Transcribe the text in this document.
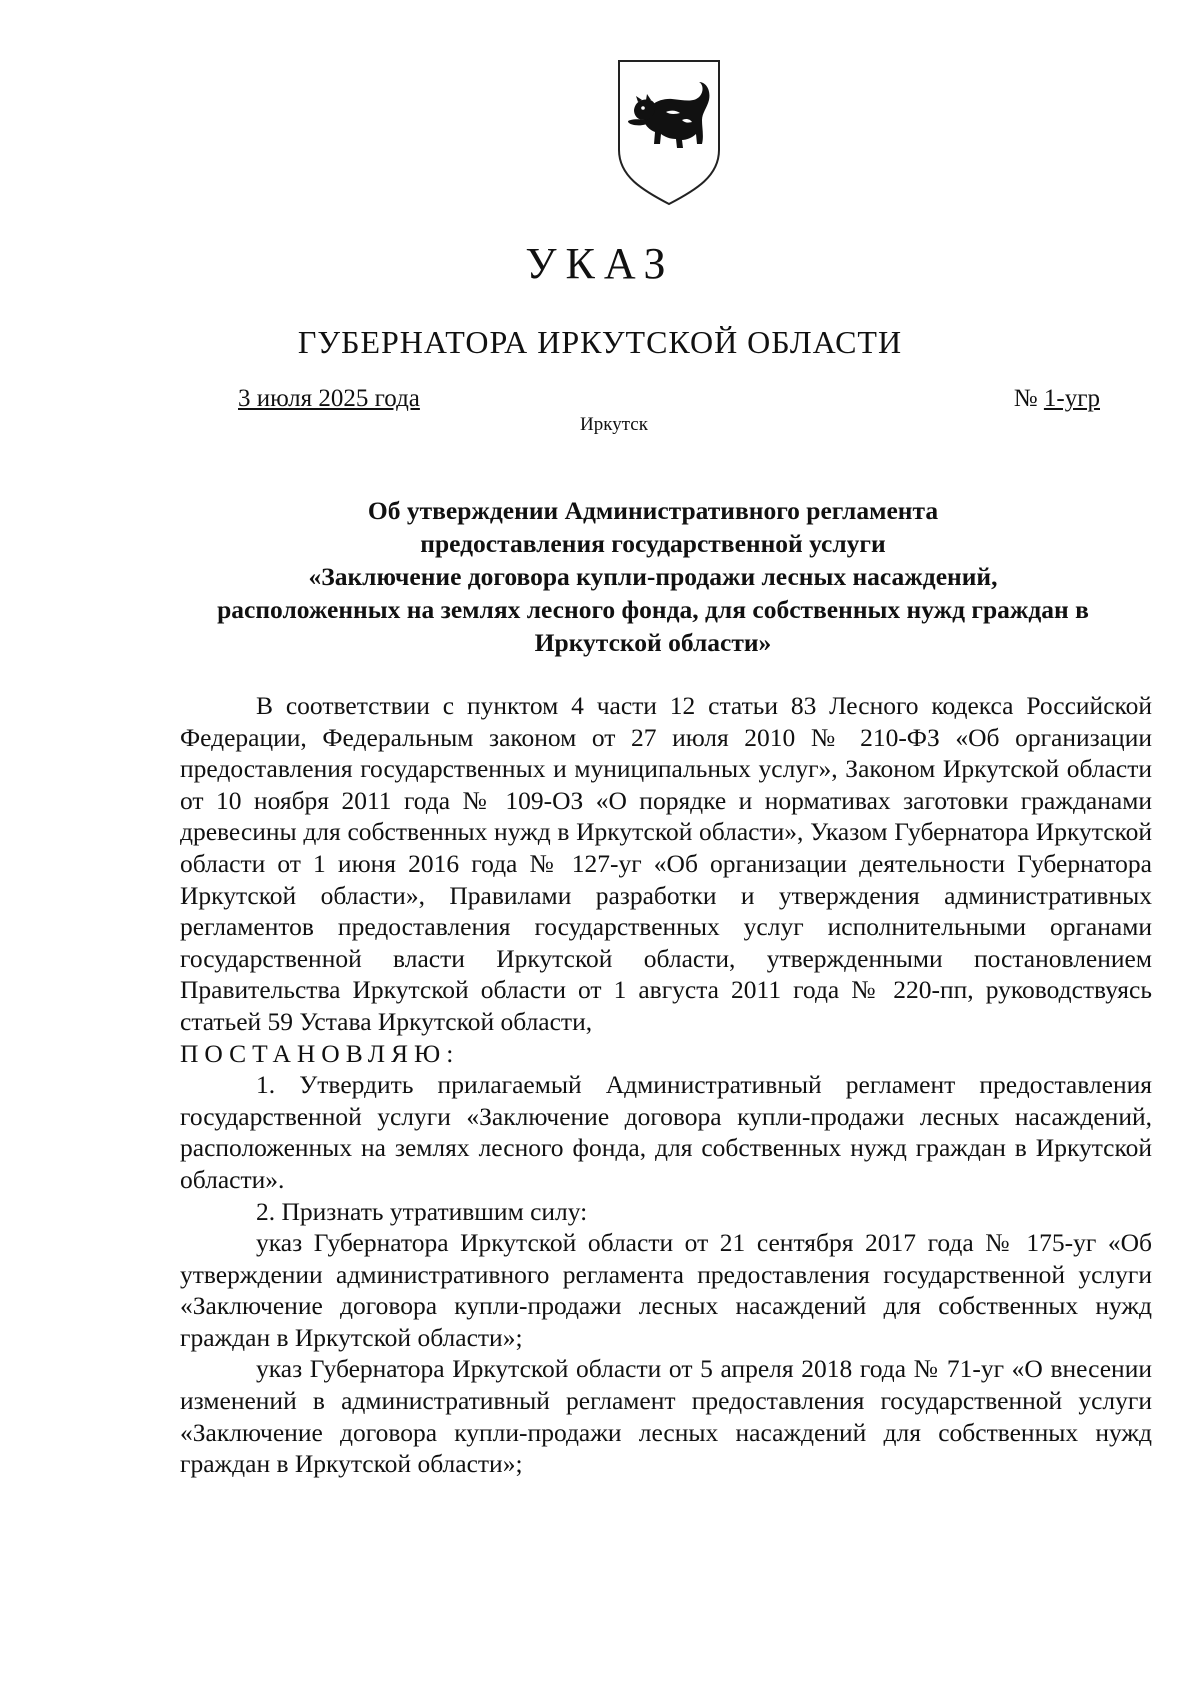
УКАЗ
ГУБЕРНАТОРА ИРКУТСКОЙ ОБЛАСТИ
3 июля 2025 года	№ 1-угр
Иркутск
Об утверждении Административного регламента
предоставления государственной услуги
«Заключение договора купли-продажи лесных насаждений,
расположенных на землях лесного фонда, для собственных нужд граждан в
Иркутской области»

В соответствии с пунктом 4 части 12 статьи 83 Лесного кодекса Российской Федерации, Федеральным законом от 27 июля 2010 № 210-ФЗ «Об организации предоставления государственных и муниципальных услуг», Законом Иркутской области от 10 ноября 2011 года № 109-ОЗ «О порядке и нормативах заготовки гражданами древесины для собственных нужд в Иркутской области», Указом Губернатора Иркутской области от 1 июня 2016 года № 127-уг «Об организации деятельности Губернатора Иркутской области», Правилами разработки и утверждения административных регламентов предоставления государственных услуг исполнительными органами государственной власти Иркутской области, утвержденными постановлением Правительства Иркутской области от 1 августа 2011 года № 220-пп, руководствуясь статьей 59 Устава Иркутской области,

ПОСТАНОВЛЯЮ:

1. Утвердить прилагаемый Административный регламент предоставления государственной услуги «Заключение договора купли-продажи лесных насаждений, расположенных на землях лесного фонда, для собственных нужд граждан в Иркутской области».

2. Признать утратившим силу:

указ Губернатора Иркутской области от 21 сентября 2017 года № 175-уг «Об утверждении административного регламента предоставления государственной услуги «Заключение договора купли-продажи лесных насаждений для собственных нужд граждан в Иркутской области»;

указ Губернатора Иркутской области от 5 апреля 2018 года № 71-уг «О внесении изменений в административный регламент предоставления государственной услуги «Заключение договора купли-продажи лесных насаждений для собственных нужд граждан в Иркутской области»;
